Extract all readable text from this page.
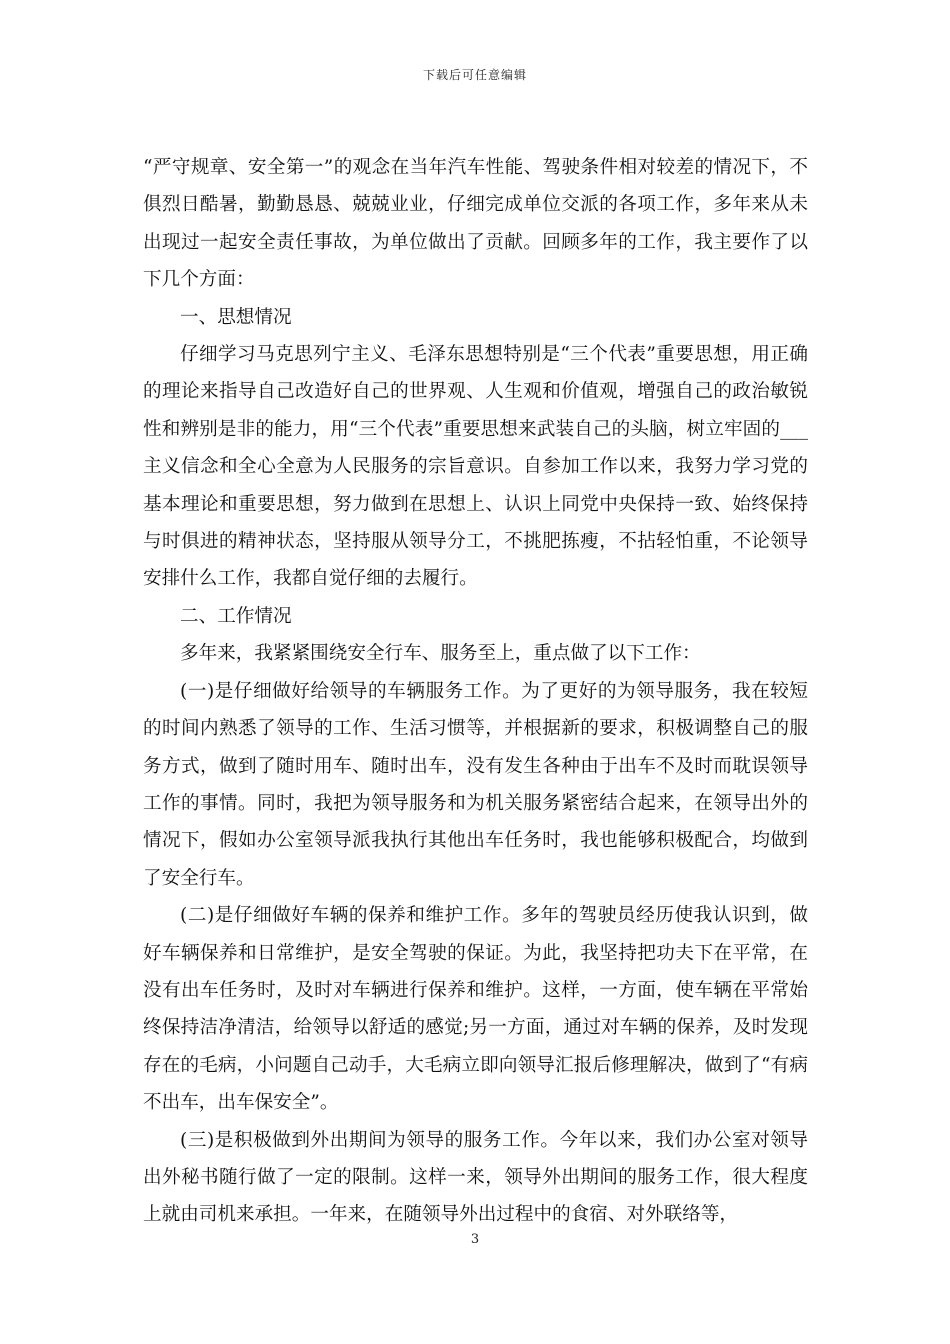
下载后可任意编辑

“严守规章、安全第一”的观念在当年汽车性能、驾驶条件相对较差的情况下，不俱烈日酷暑，勤勤恳恳、兢兢业业，仔细完成单位交派的各项工作，多年来从未出现过一起安全责任事故，为单位做出了贡献。回顾多年的工作，我主要作了以下几个方面：

一、思想情况

仔细学习马克思列宁主义、毛泽东思想特别是“三个代表”重要思想，用正确的理论来指导自己改造好自己的世界观、人生观和价值观，增强自己的政治敏锐性和辨别是非的能力，用“三个代表”重要思想来武装自己的头脑，树立牢固的___主义信念和全心全意为人民服务的宗旨意识。自参加工作以来，我努力学习党的基本理论和重要思想，努力做到在思想上、认识上同党中央保持一致、始终保持与时俱进的精神状态，坚持服从领导分工，不挑肥拣瘦，不拈轻怕重，不论领导安排什么工作，我都自觉仔细的去履行。

二、工作情况

多年来，我紧紧围绕安全行车、服务至上，重点做了以下工作：

(一)是仔细做好给领导的车辆服务工作。为了更好的为领导服务，我在较短的时间内熟悉了领导的工作、生活习惯等，并根据新的要求，积极调整自己的服务方式，做到了随时用车、随时出车，没有发生各种由于出车不及时而耽误领导工作的事情。同时，我把为领导服务和为机关服务紧密结合起来，在领导出外的情况下，假如办公室领导派我执行其他出车任务时，我也能够积极配合，均做到了安全行车。

(二)是仔细做好车辆的保养和维护工作。多年的驾驶员经历使我认识到，做好车辆保养和日常维护，是安全驾驶的保证。为此，我坚持把功夫下在平常，在没有出车任务时，及时对车辆进行保养和维护。这样，一方面，使车辆在平常始终保持洁净清洁，给领导以舒适的感觉;另一方面，通过对车辆的保养，及时发现存在的毛病，小问题自己动手，大毛病立即向领导汇报后修理解决，做到了“有病不出车，出车保安全”。

(三)是积极做到外出期间为领导的服务工作。今年以来，我们办公室对领导出外秘书随行做了一定的限制。这样一来，领导外出期间的服务工作，很大程度上就由司机来承担。一年来，在随领导外出过程中的食宿、对外联络等，

3
